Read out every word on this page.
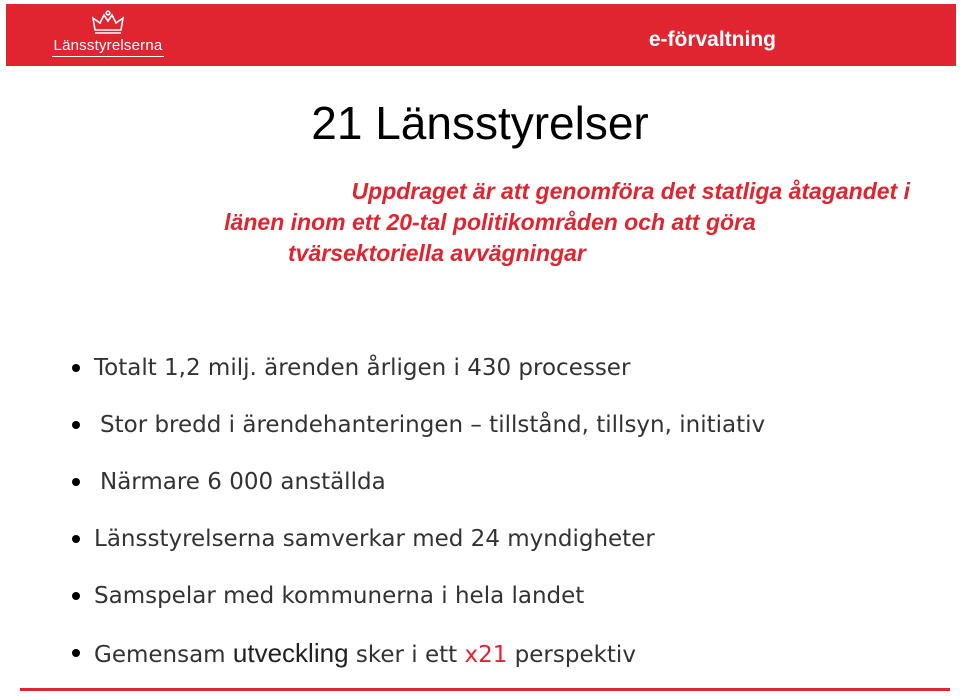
Länsstyrelserna	e-förvaltning
21 Länsstyrelser
Uppdraget är att genomföra det statliga åtagandet i
länen inom ett 20-tal politikområden och att göra
tvärsektoriella avvägningar
Totalt 1,2 milj. ärenden årligen i 430 processer
Stor bredd i ärendehanteringen – tillstånd, tillsyn, initiativ
Närmare 6 000 anställda
Länsstyrelserna samverkar med 24 myndigheter
Samspelar med kommunerna i hela landet
Gemensam utveckling sker i ett x21 perspektiv
